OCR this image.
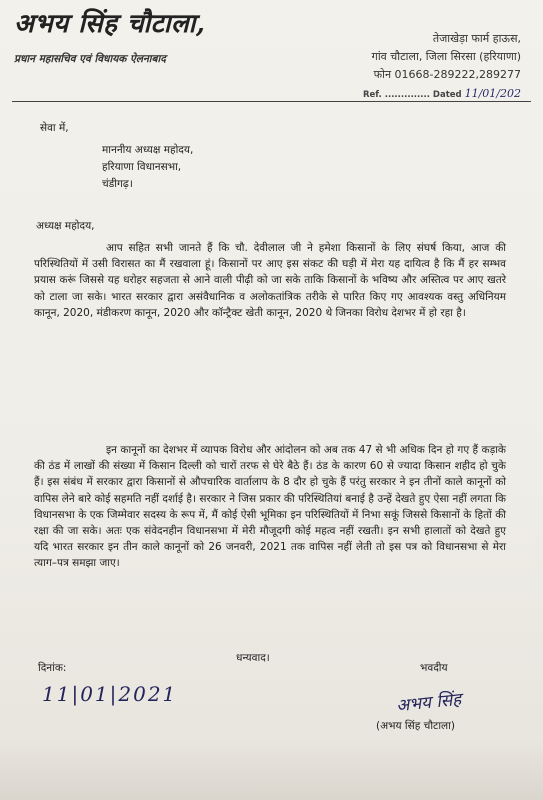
अभय सिंह चौटाला,
प्रधान महासचिव एवं विधायक ऐलनाबाद
तेजाखेड़ा फार्म हाऊस,
गांव चौटाला, जिला सिरसा (हरियाणा)
फोन 01668-289222,289277
Ref. .............. Dated 11/01/202
सेवा में,
माननीय अध्यक्ष महोदय,
हरियाणा विधानसभा,
चंडीगढ़।
अध्यक्ष महोदय,

आप सहित सभी जानते हैं कि चौ. देवीलाल जी ने हमेशा किसानों के लिए संघर्ष किया, आज की परिस्थितियों में उसी विरासत का मैं रखवाला हूं। किसानों पर आए इस संकट की घड़ी में मेरा यह दायित्व है कि मैं हर सम्भव प्रयास करूं जिससे यह धरोहर सहजता से आने वाली पीढ़ी को जा सके ताकि किसानों के भविष्य और अस्तित्व पर आए खतरे को टाला जा सके। भारत सरकार द्वारा असंवैधानिक व अलोकतांत्रिक तरीके से पारित किए गए आवश्यक वस्तु अधिनियम कानून, 2020, मंडीकरण कानून, 2020 और कॉन्ट्रैक्ट खेती कानून, 2020 थे जिनका विरोध देशभर में हो रहा है।

इन कानूनों का देशभर में व्यापक विरोध और आंदोलन को अब तक 47 से भी अधिक दिन हो गए हैं कड़ाके की ठंड में लाखों की संख्या में किसान दिल्ली को चारों तरफ से घेरे बैठे हैं। ठंड के कारण 60 से ज्यादा किसान शहीद हो चुके हैं। इस संबंध में सरकार द्वारा किसानों से औपचारिक वार्तालाप के 8 दौर हो चुके हैं परंतु सरकार ने इन तीनों काले कानूनों को वापिस लेने बारे कोई सहमति नहीं दर्शाई है। सरकार ने जिस प्रकार की परिस्थितियां बनाई है उन्हें देखते हुए ऐसा नहीं लगता कि विधानसभा के एक जिम्मेवार सदस्य के रूप में, मैं कोई ऐसी भूमिका इन परिस्थितियों में निभा सकूं जिससे किसानों के हितों की रक्षा की जा सके। अतः एक संवेदनहीन विधानसभा में मेरी मौजूदगी कोई महत्व नहीं रखती। इन सभी हालातों को देखते हुए यदि भारत सरकार इन तीन काले कानूनों को 26 जनवरी, 2021 तक वापिस नहीं लेती तो इस पत्र को विधानसभा से मेरा त्याग–पत्र समझा जाए।

धन्यवाद।
दिनांक:
11|01|2021
भवदीय
अभय सिंह
(अभय सिंह चौटाला)
